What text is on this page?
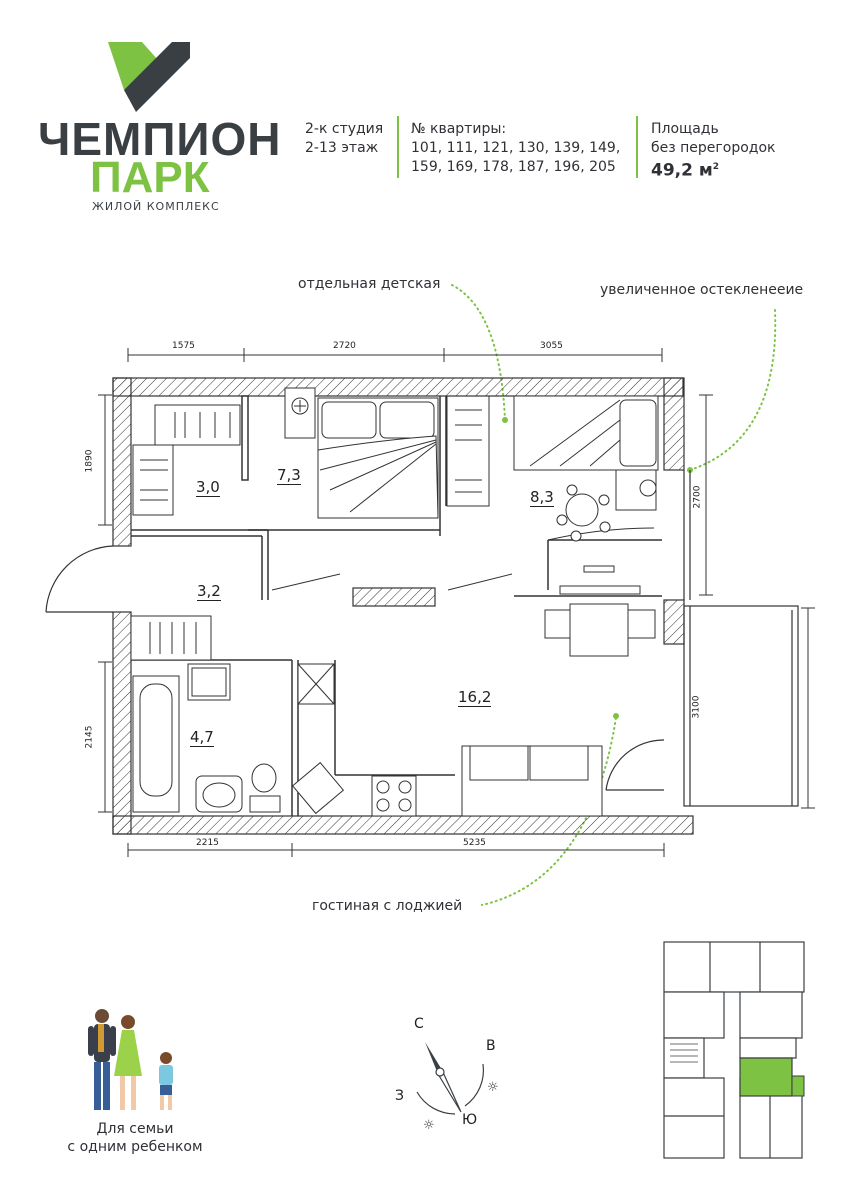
ЧЕМПИОН
ПАРК
ЖИЛОЙ КОМПЛЕКС
2-к студия
2-13 этаж
№ квартиры:
101, 111, 121, 130, 139, 149,
159, 169, 178, 187, 196, 205
Площадь
без перегородок
49,2 $м^2$
отдельная детская	увеличенное остекленееие
гостиная с лоджией
3,0
7,3
8,3
3,2
16,2
4,7
1575	2720	3055
1890
2145
2700
3100
2215	5235
Для семьи
с одним ребенком
С
В
З
Ю
☼
☼
